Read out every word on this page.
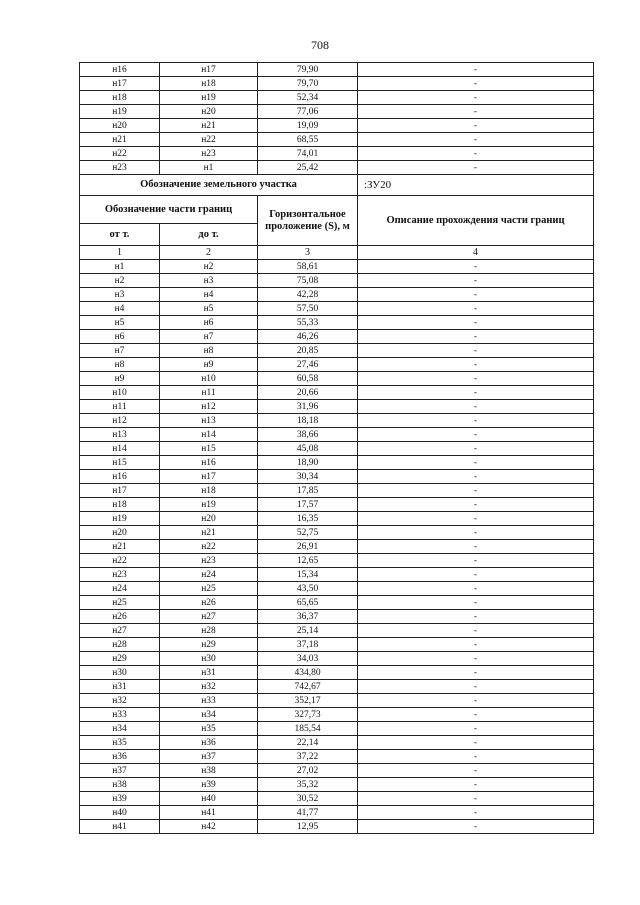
708
н16	н17	79,90	-
н17	н18	79,70	-
н18	н19	52,34	-
н19	н20	77,06	-
н20	н21	19,09	-
н21	н22	68,55	-
н22	н23	74,01	-
н23	н1	25,42	-
Обозначение земельного участка			:ЗУ20
Обозначение части границ		Горизонтальное проложение (S), м	Описание прохождения части границ
от т.	до т.		
1	2	3	4
н1	н2	58,61	-
н2	н3	75,08	-
н3	н4	42,28	-
н4	н5	57,50	-
н5	н6	55,33	-
н6	н7	46,26	-
н7	н8	20,85	-
н8	н9	27,46	-
н9	н10	60,58	-
н10	н11	20,66	-
н11	н12	31,96	-
н12	н13	18,18	-
н13	н14	38,66	-
н14	н15	45,08	-
н15	н16	18,90	-
н16	н17	30,34	-
н17	н18	17,85	-
н18	н19	17,57	-
н19	н20	16,35	-
н20	н21	52,75	-
н21	н22	26,91	-
н22	н23	12,65	-
н23	н24	15,34	-
н24	н25	43,50	-
н25	н26	65,65	-
н26	н27	36,37	-
н27	н28	25,14	-
н28	н29	37,18	-
н29	н30	34,03	-
н30	н31	434,80	-
н31	н32	742,67	-
н32	н33	352,17	-
н33	н34	327,73	-
н34	н35	185,54	-
н35	н36	22,14	-
н36	н37	37,22	-
н37	н38	27,02	-
н38	н39	35,32	-
н39	н40	30,52	-
н40	н41	41,77	-
н41	н42	12,95	-
